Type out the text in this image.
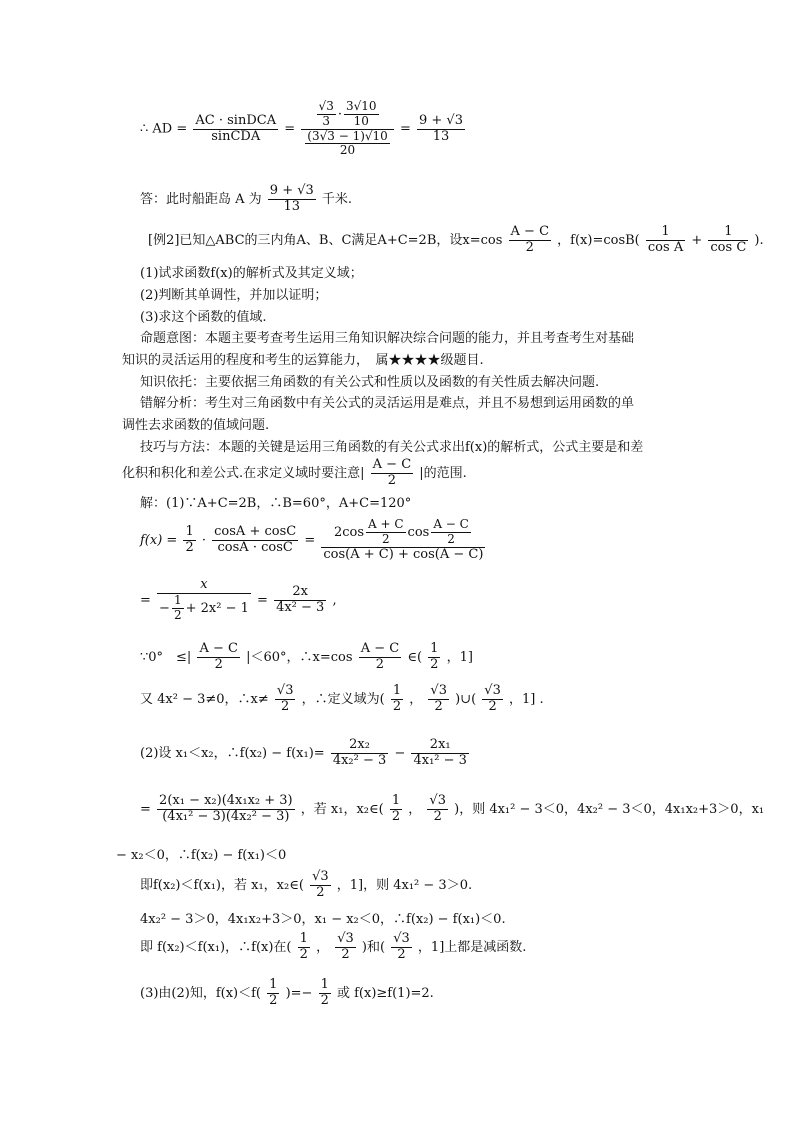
∴ AD = $\frac{\text{AC · sinDCA}}{\text{sinCDA}} = \frac{\frac{√3}{3} \cdot \frac{3√10}{10}}{\frac{(3√3 - 1)√10}{20}} = \frac{9 + √3}{13}$
答：此时船距岛 A 为 $\frac{9 + √3}{13}$ 千米.
[例2]已知△ABC的三内角A、B、C满足A+C=2B，设$x=\cos \frac{A - C}{2}$ ，$f(x)=\cos B( \frac{1}{\text{cos A}} + \frac{1}{\text{cos C}}$ ).
(1)试求函数f(x)的解析式及其定义域；
(2)判断其单调性，并加以证明；
(3)求这个函数的值域.
命题意图：本题主要考查考生运用三角知识解决综合问题的能力，并且考查考生对基础
知识的灵活运用的程度和考生的运算能力，　属★★★★级题目.
知识依托：主要依据三角函数的有关公式和性质以及函数的有关性质去解决问题.
错解分析：考生对三角函数中有关公式的灵活运用是难点，并且不易想到运用函数的单
调性去求函数的值域问题.
技巧与方法：本题的关键是运用三角函数的有关公式求出f(x)的解析式，公式主要是和差
化积和积化和差公式.在求定义域时要注意| $\frac{A - C}{2}$ |的范围.
解：(1)∵A+C=2B，∴B=60°，A+C=120°
$f(x) = \frac{1}{2} \cdot \frac{\cos A + \cos C}{\cos A \cdot \cos C} = \frac{2\cos \frac{A + C}{2} \cos \frac{A - C}{2}}{\cos(A + C) + \cos(A - C)}$
= $\frac{x}{- \frac{1}{2} + 2x^2 - 1} = \frac{2x}{\text{4x² − 3}}$ ,
∵0°　≤| $\frac{A - C}{2} |<60^\circ$，∴x=cos $\frac{A - C}{2}$ ∈( $\frac{1}{2}$ ，1]
又 4x² − 3≠0，∴x≠ $\frac{√3}{2}$ ，∴定义域为( $\frac{1}{2}$ ， $\frac{√3}{2}$ )∪( $\frac{√3}{2}$ ，1] .
(2)设 x₁＜x₂，∴f(x₂) − $f(x_1)= \frac{\text{2x₂}}{\text{4x₂² − 3}} - \frac{\text{2x₁}}{\text{4x₁² − 3}}$
= $\frac{\text{2(x₁ − x₂)(4x₁x₂ + 3)}}{\text{(4x₁² − 3)(4x₂² − 3)}}$ ，若 x₁，x₂∈( $\frac{1}{2}$ ， $\frac{√3}{2}$ )，则 4x₁² − 3＜0，4x₂² − 3＜0，4x₁x₂+3＞0，x₁
− x₂＜0，∴f(x₂) − f(x₁)＜0
即f(x₂)＜f(x₁)，若 x₁，x₂∈( $\frac{√3}{2}$ ，1]，则 4x₁² − 3＞0.
4x₂² − 3＞0，4x₁x₂+3＞0，x₁ − x₂＜0，∴f(x₂) − f(x₁)＜0.
即 f(x₂)＜f(x₁)，∴f(x)在( $\frac{1}{2}$ ， $\frac{√3}{2}$ )和( $\frac{√3}{2}$ ，1]上都是减函数.
(3)由(2)知，$f(x)<f( \frac{1}{2}$ )=− $\frac{1}{2}$ 或 f(x)≥f(1)=2.
